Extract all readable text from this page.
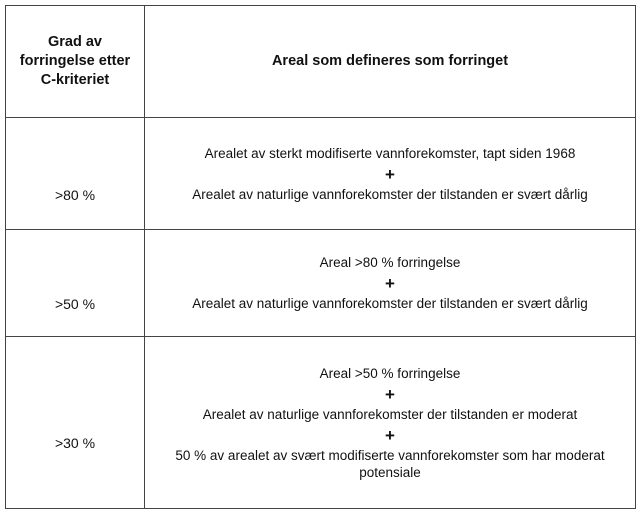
Grad av forringelse etter C-kriteriet	Areal som defineres som forringet

>80 %	Arealet av sterkt modifiserte vannforekomster, tapt siden 1968
+
Arealet av naturlige vannforekomster der tilstanden er svært dårlig

>50 %	Areal >80 % forringelse
+
Arealet av naturlige vannforekomster der tilstanden er svært dårlig

>30 %	Areal >50 % forringelse
+
Arealet av naturlige vannforekomster der tilstanden er moderat
+
50 % av arealet av svært modifiserte vannforekomster som har moderat potensiale
